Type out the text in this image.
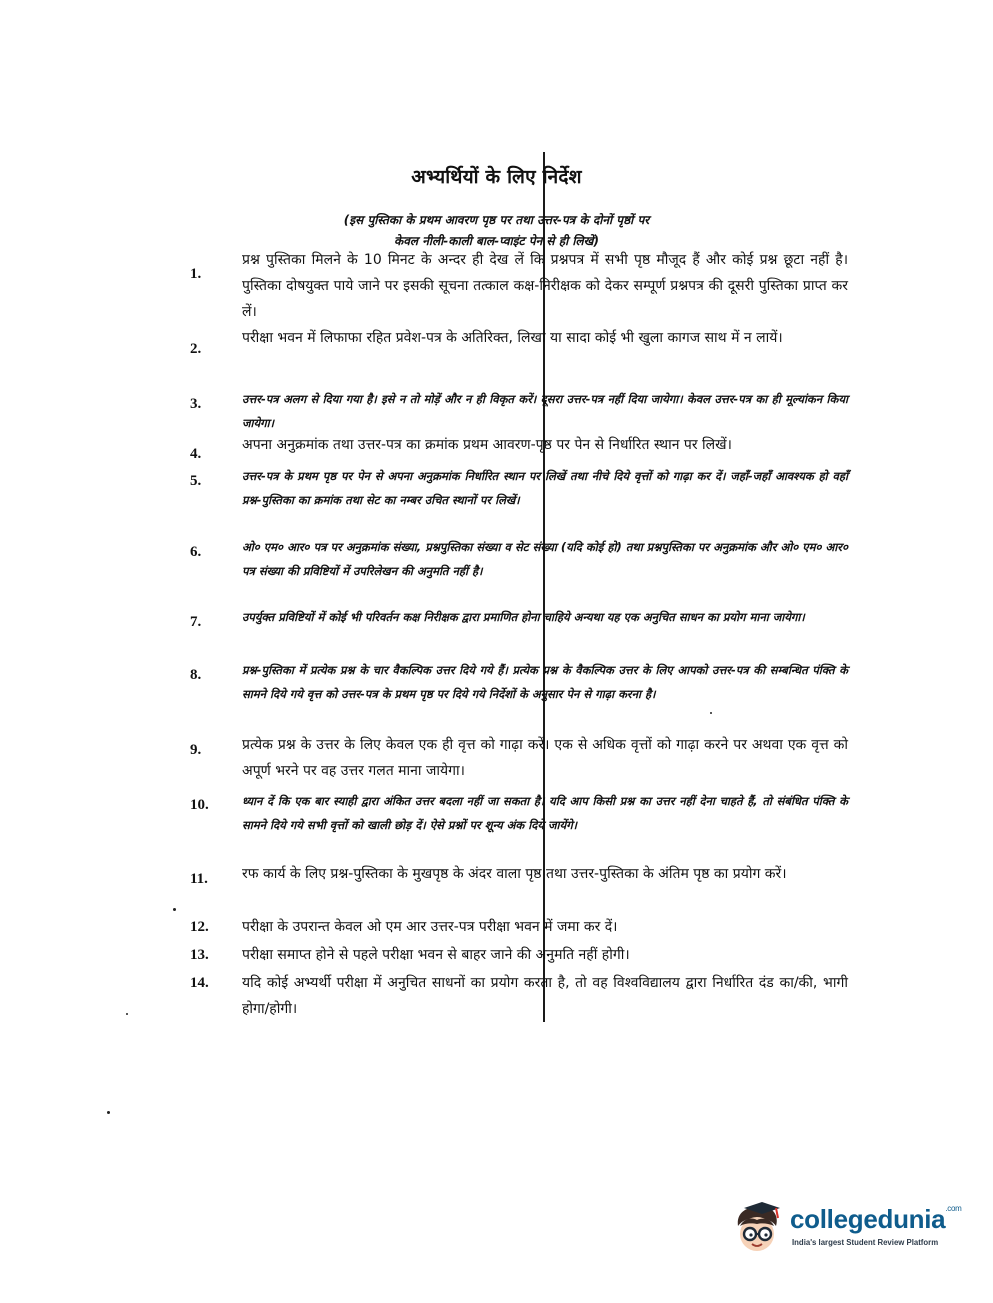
अभ्यर्थियों के लिए निर्देश
(इस पुस्तिका के प्रथम आवरण पृष्ठ पर तथा उत्तर-पत्र के दोनों पृष्ठों पर
केवल नीली-काली बाल-प्वाइंट पेन से ही लिखें)
1.

प्रश्न पुस्तिका मिलने के 10 मिनट के अन्दर ही देख लें कि प्रश्नपत्र में सभी पृष्ठ मौजूद हैं और कोई प्रश्न छूटा नहीं है। पुस्तिका दोषयुक्त पाये जाने पर इसकी सूचना तत्काल कक्ष-निरीक्षक को देकर सम्पूर्ण प्रश्नपत्र की दूसरी पुस्तिका प्राप्त कर लें।

2.

परीक्षा भवन में लिफाफा रहित प्रवेश-पत्र के अतिरिक्त, लिखा या सादा कोई भी खुला कागज साथ में न लायें।

3.	उत्तर-पत्र अलग से दिया गया है। इसे न तो मोड़ें और न ही विकृत करें। दूसरा उत्तर-पत्र नहीं दिया जायेगा। केवल उत्तर-पत्र का ही मूल्यांकन किया जायेगा।

4.

अपना अनुक्रमांक तथा उत्तर-पत्र का क्रमांक प्रथम आवरण-पृष्ठ पर पेन से निर्धारित स्थान पर लिखें।

5.	उत्तर-पत्र के प्रथम पृष्ठ पर पेन से अपना अनुक्रमांक निर्धारित स्थान पर लिखें तथा नीचे दिये वृत्तों को गाढ़ा कर दें। जहाँ-जहाँ आवश्यक हो वहाँ प्रश्न-पुस्तिका का क्रमांक तथा सेट का नम्बर उचित स्थानों पर लिखें।

6.	ओ० एम० आर० पत्र पर अनुक्रमांक संख्या, प्रश्नपुस्तिका संख्या व सेट संख्या (यदि कोई हो) तथा प्रश्नपुस्तिका पर अनुक्रमांक और ओ० एम० आर० पत्र संख्या की प्रविष्टियों में उपरिलेखन की अनुमति नहीं है।

7.	उपर्युक्त प्रविष्टियों में कोई भी परिवर्तन कक्ष निरीक्षक द्वारा प्रमाणित होना चाहिये अन्यथा यह एक अनुचित साधन का प्रयोग माना जायेगा।

8.	प्रश्न-पुस्तिका में प्रत्येक प्रश्न के चार वैकल्पिक उत्तर दिये गये हैं। प्रत्येक प्रश्न के वैकल्पिक उत्तर के लिए आपको उत्तर-पत्र की सम्बन्धित पंक्ति के सामने दिये गये वृत्त को उत्तर-पत्र के प्रथम पृष्ठ पर दिये गये निर्देशों के अनुसार पेन से गाढ़ा करना है।

9.	प्रत्येक प्रश्न के उत्तर के लिए केवल एक ही वृत्त को गाढ़ा करें। एक से अधिक वृत्तों को गाढ़ा करने पर अथवा एक वृत्त को अपूर्ण भरने पर वह उत्तर गलत माना जायेगा।

10.	ध्यान दें कि एक बार स्याही द्वारा अंकित उत्तर बदला नहीं जा सकता है। यदि आप किसी प्रश्न का उत्तर नहीं देना चाहते हैं, तो संबंधित पंक्ति के सामने दिये गये सभी वृत्तों को खाली छोड़ दें। ऐसे प्रश्नों पर शून्य अंक दिये जायेंगे।

11. रफ कार्य के लिए प्रश्न-पुस्तिका के मुखपृष्ठ के अंदर वाला पृष्ठ तथा उत्तर-पुस्तिका के अंतिम पृष्ठ का प्रयोग करें।

12. परीक्षा के उपरान्त केवल ओ एम आर उत्तर-पत्र परीक्षा भवन में जमा कर दें।

13. परीक्षा समाप्त होने से पहले परीक्षा भवन से बाहर जाने की अनुमति नहीं होगी।

14. यदि कोई अभ्यर्थी परीक्षा में अनुचित साधनों का प्रयोग करता है, तो वह विश्वविद्यालय द्वारा निर्धारित दंड का/की, भागी होगा/होगी।

collegedunia$^{.com}$
India's largest Student Review Platform
